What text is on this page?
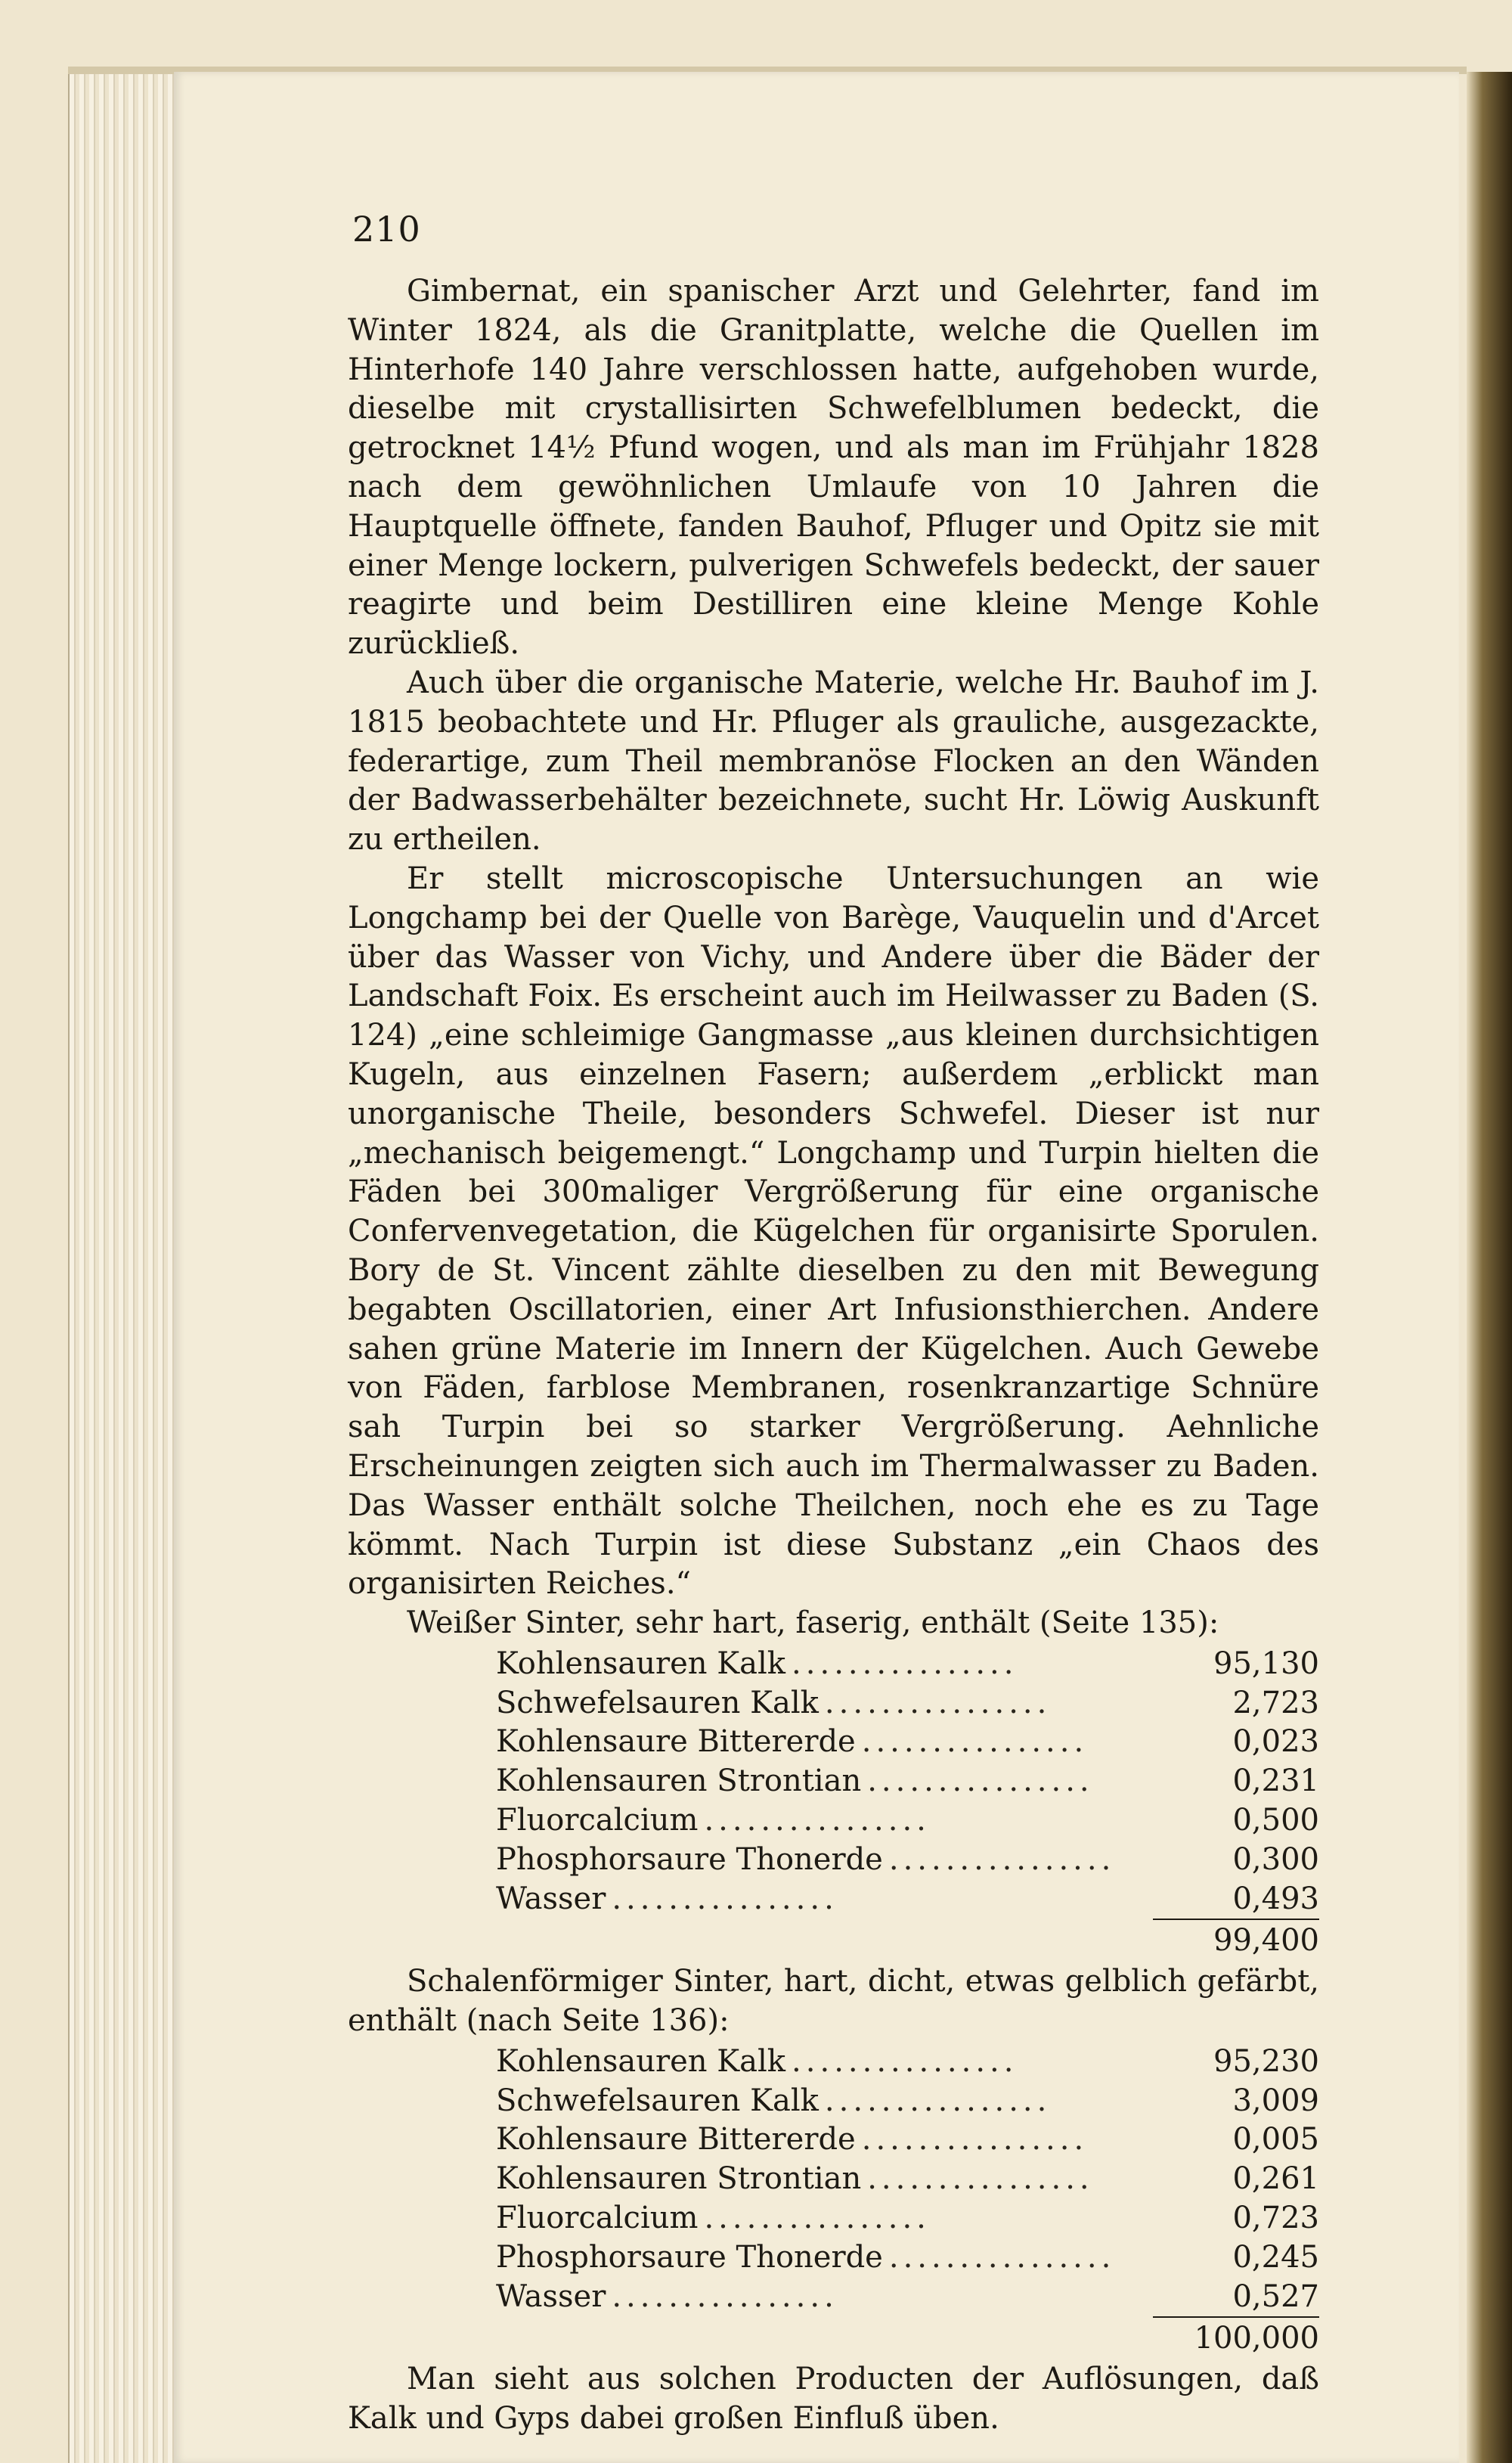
210

Gimbernat, ein spanischer Arzt und Gelehrter, fand im Winter 1824, als die Granitplatte, welche die Quellen im Hinterhofe 140 Jahre verschlossen hatte, aufgehoben wurde, dieselbe mit crystallisirten Schwefelblumen bedeckt, die getrocknet 14½ Pfund wogen, und als man im Frühjahr 1828 nach dem gewöhnlichen Umlaufe von 10 Jahren die Hauptquelle öffnete, fanden Bauhof, Pfluger und Opitz sie mit einer Menge lockern, pulverigen Schwefels bedeckt, der sauer reagirte und beim Destilliren eine kleine Menge Kohle zurückließ.

Auch über die organische Materie, welche Hr. Bauhof im J. 1815 beobachtete und Hr. Pfluger als grauliche, ausgezackte, federartige, zum Theil membranöse Flocken an den Wänden der Badwasserbehälter bezeichnete, sucht Hr. Löwig Auskunft zu ertheilen.

Er stellt microscopische Untersuchungen an wie Longchamp bei der Quelle von Barège, Vauquelin und d'Arcet über das Wasser von Vichy, und Andere über die Bäder der Landschaft Foix. Es erscheint auch im Heilwasser zu Baden (S. 124) „eine schleimige Gangmasse „aus kleinen durchsichtigen Kugeln, aus einzelnen Fasern; außerdem „erblickt man unorganische Theile, besonders Schwefel. Dieser ist nur „mechanisch beigemengt.“ Longchamp und Turpin hielten die Fäden bei 300maliger Vergrößerung für eine organische Confervenvegetation, die Kügelchen für organisirte Sporulen. Bory de St. Vincent zählte dieselben zu den mit Bewegung begabten Oscillatorien, einer Art Infusionsthierchen. Andere sahen grüne Materie im Innern der Kügelchen. Auch Gewebe von Fäden, farblose Membranen, rosenkranzartige Schnüre sah Turpin bei so starker Vergrößerung. Aehnliche Erscheinungen zeigten sich auch im Thermalwasser zu Baden. Das Wasser enthält solche Theilchen, noch ehe es zu Tage kömmt. Nach Turpin ist diese Substanz „ein Chaos des organisirten Reiches.“

Weißer Sinter, sehr hart, faserig, enthält (Seite 135):

Kohlensauren Kalk ................	95,130
Schwefelsauren Kalk ................	2,723
Kohlensaure Bittererde ................	0,023
Kohlensauren Strontian ................	0,231
Fluorcalcium ................	0,500
Phosphorsaure Thonerde ................	0,300
Wasser ................	0,493
99,400

Schalenförmiger Sinter, hart, dicht, etwas gelblich gefärbt, enthält (nach Seite 136):

Kohlensauren Kalk ................	95,230
Schwefelsauren Kalk ................	3,009
Kohlensaure Bittererde ................	0,005
Kohlensauren Strontian ................	0,261
Fluorcalcium ................	0,723
Phosphorsaure Thonerde ................	0,245
Wasser ................	0,527
100,000

Man sieht aus solchen Producten der Auflösungen, daß Kalk und Gyps dabei großen Einfluß üben.
